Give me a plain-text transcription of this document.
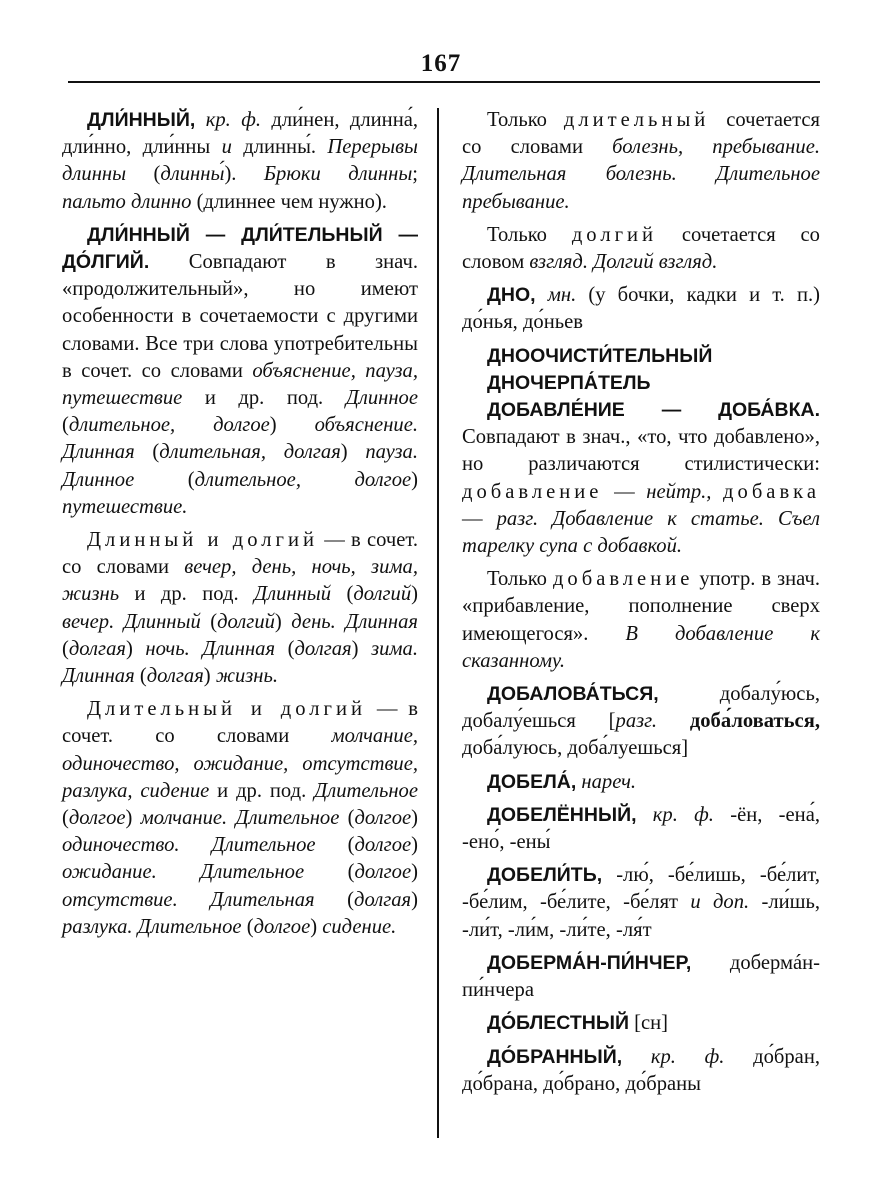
167

ДЛИ́ННЫЙ, кр. ф. дли́нен, длинна́, дли́нно, дли́нны и длинны́. Перерывы длинны (длинны́). Брюки длинны; пальто длинно (длиннее чем нужно).

ДЛИ́ННЫЙ — ДЛИ́ТЕЛЬНЫЙ — ДО́ЛГИЙ. Совпадают в знач. «продолжительный», но имеют особенности в сочетаемости с другими словами. Все три слова употребительны в сочет. со словами объяснение, пауза, путешествие и др. под. Длинное (длительное, долгое) объяснение. Длинная (длительная, долгая) пауза. Длинное (длительное, долгое) путешествие.

Длинный и долгий — в сочет. со словами вечер, день, ночь, зима, жизнь и др. под. Длинный (долгий) вечер. Длинный (долгий) день. Длинная (долгая) ночь. Длинная (долгая) зима. Длинная (долгая) жизнь.

Длительный и долгий — в сочет. со словами молчание, одиночество, ожидание, отсутствие, разлука, сидение и др. под. Длительное (долгое) молчание. Длительное (долгое) одиночество. Длительное (долгое) ожидание. Длительное (долгое) отсутствие. Длительная (долгая) разлука. Длительное (долгое) сидение.

Только длительный сочетается со словами болезнь, пребывание. Длительная болезнь. Длительное пребывание.

Только долгий сочетается со словом взгляд. Долгий взгляд.

ДНО, мн. (у бочки, кадки и т. п.) до́нья, до́ньев

ДНООЧИСТИ́ТЕЛЬНЫЙ

ДНОЧЕРПА́ТЕЛЬ

ДОБАВЛЕ́НИЕ — ДОБА́ВКА. Совпадают в знач., «то, что добавлено», но различаются стилистически: добавление — нейтр., добавка — разг. Добавление к статье. Съел тарелку супа с добавкой.

Только добавление употр. в знач. «прибавление, пополнение сверх имеющегося». В добавление к сказанному.

ДОБАЛОВА́ТЬСЯ, добалу́юсь, добалу́ешься [разг. доба́ловаться, доба́луюсь, доба́луешься]

ДОБЕЛА́, нареч.

ДОБЕЛЁННЫЙ, кр. ф. -ён, -ена́, -ено́, -ены́

ДОБЕЛИ́ТЬ, -лю́, -бе́лишь, -бе́лит, -бе́лим, -бе́лите, -бе́лят и доп. -ли́шь, -ли́т, -ли́м, -ли́те, -ля́т

ДОБЕРМА́Н-ПИ́НЧЕР, добермáн-пи́нчера

ДО́БЛЕСТНЫЙ [сн]

ДО́БРАННЫЙ, кр. ф. до́бран, до́брана, до́брано, до́браны
